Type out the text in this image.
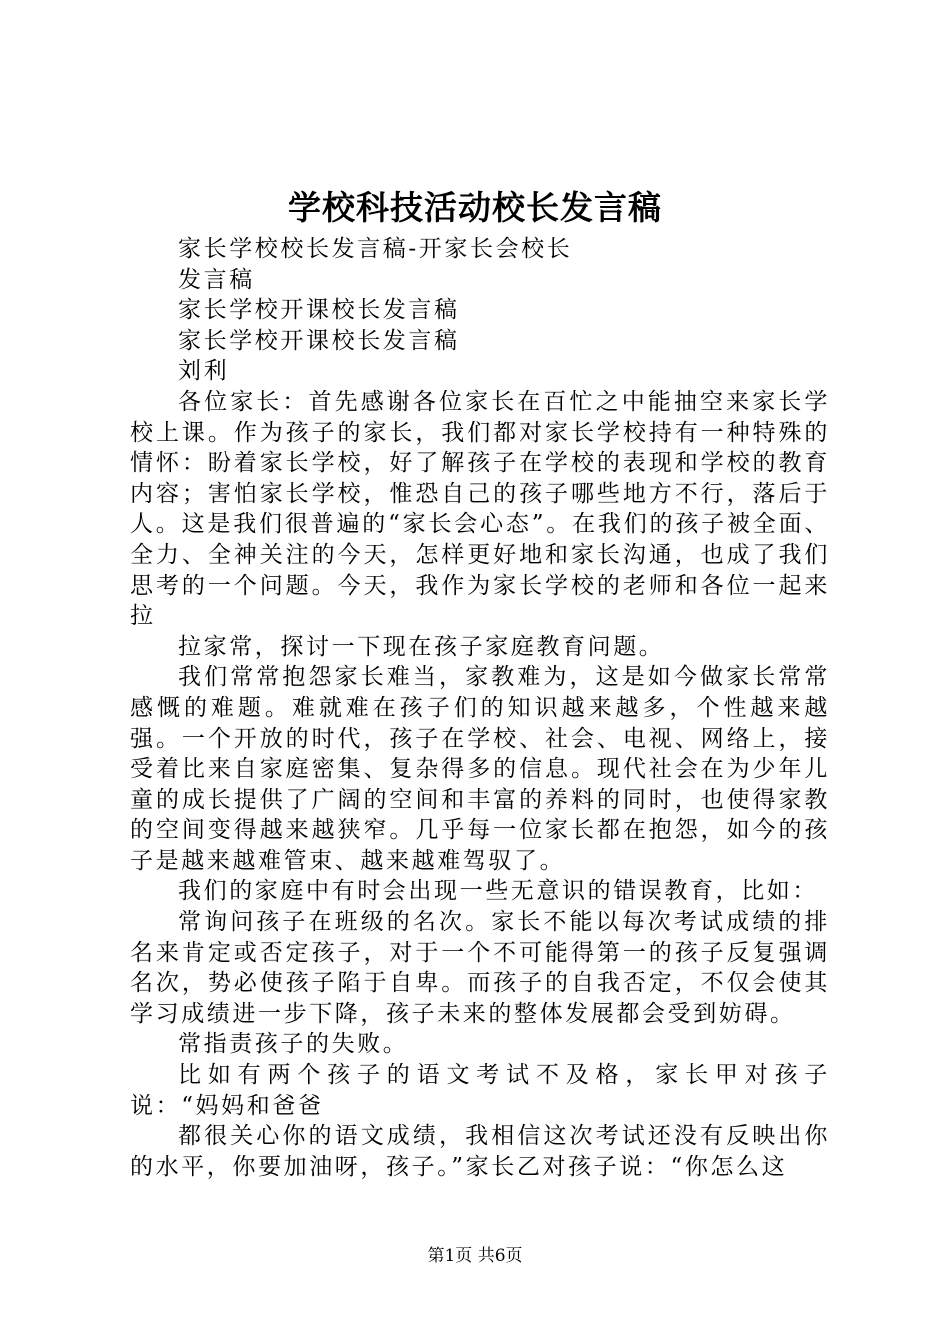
学校科技活动校长发言稿

家长学校校长发言稿-开家长会校长

发言稿

家长学校开课校长发言稿

家长学校开课校长发言稿

刘利

各位家长：首先感谢各位家长在百忙之中能抽空来家长学校上课。作为孩子的家长，我们都对家长学校持有一种特殊的情怀：盼着家长学校，好了解孩子在学校的表现和学校的教育内容；害怕家长学校，惟恐自己的孩子哪些地方不行，落后于人。这是我们很普遍的“家长会心态”。在我们的孩子被全面、全力、全神关注的今天，怎样更好地和家长沟通，也成了我们思考的一个问题。今天，我作为家长学校的老师和各位一起来拉

拉家常，探讨一下现在孩子家庭教育问题。

我们常常抱怨家长难当，家教难为，这是如今做家长常常感慨的难题。难就难在孩子们的知识越来越多，个性越来越强。一个开放的时代，孩子在学校、社会、电视、网络上，接受着比来自家庭密集、复杂得多的信息。现代社会在为少年儿童的成长提供了广阔的空间和丰富的养料的同时，也使得家教的空间变得越来越狭窄。几乎每一位家长都在抱怨，如今的孩子是越来越难管束、越来越难驾驭了。

我们的家庭中有时会出现一些无意识的错误教育，比如：

常询问孩子在班级的名次。家长不能以每次考试成绩的排名来肯定或否定孩子，对于一个不可能得第一的孩子反复强调名次，势必使孩子陷于自卑。而孩子的自我否定，不仅会使其学习成绩进一步下降，孩子未来的整体发展都会受到妨碍。

常指责孩子的失败。

比如有两个孩子的语文考试不及格，家长甲对孩子说：“妈妈和爸爸

都很关心你的语文成绩，我相信这次考试还没有反映出你的水平，你要加油呀，孩子。”家长乙对孩子说：“你怎么这

第1页 共6页
